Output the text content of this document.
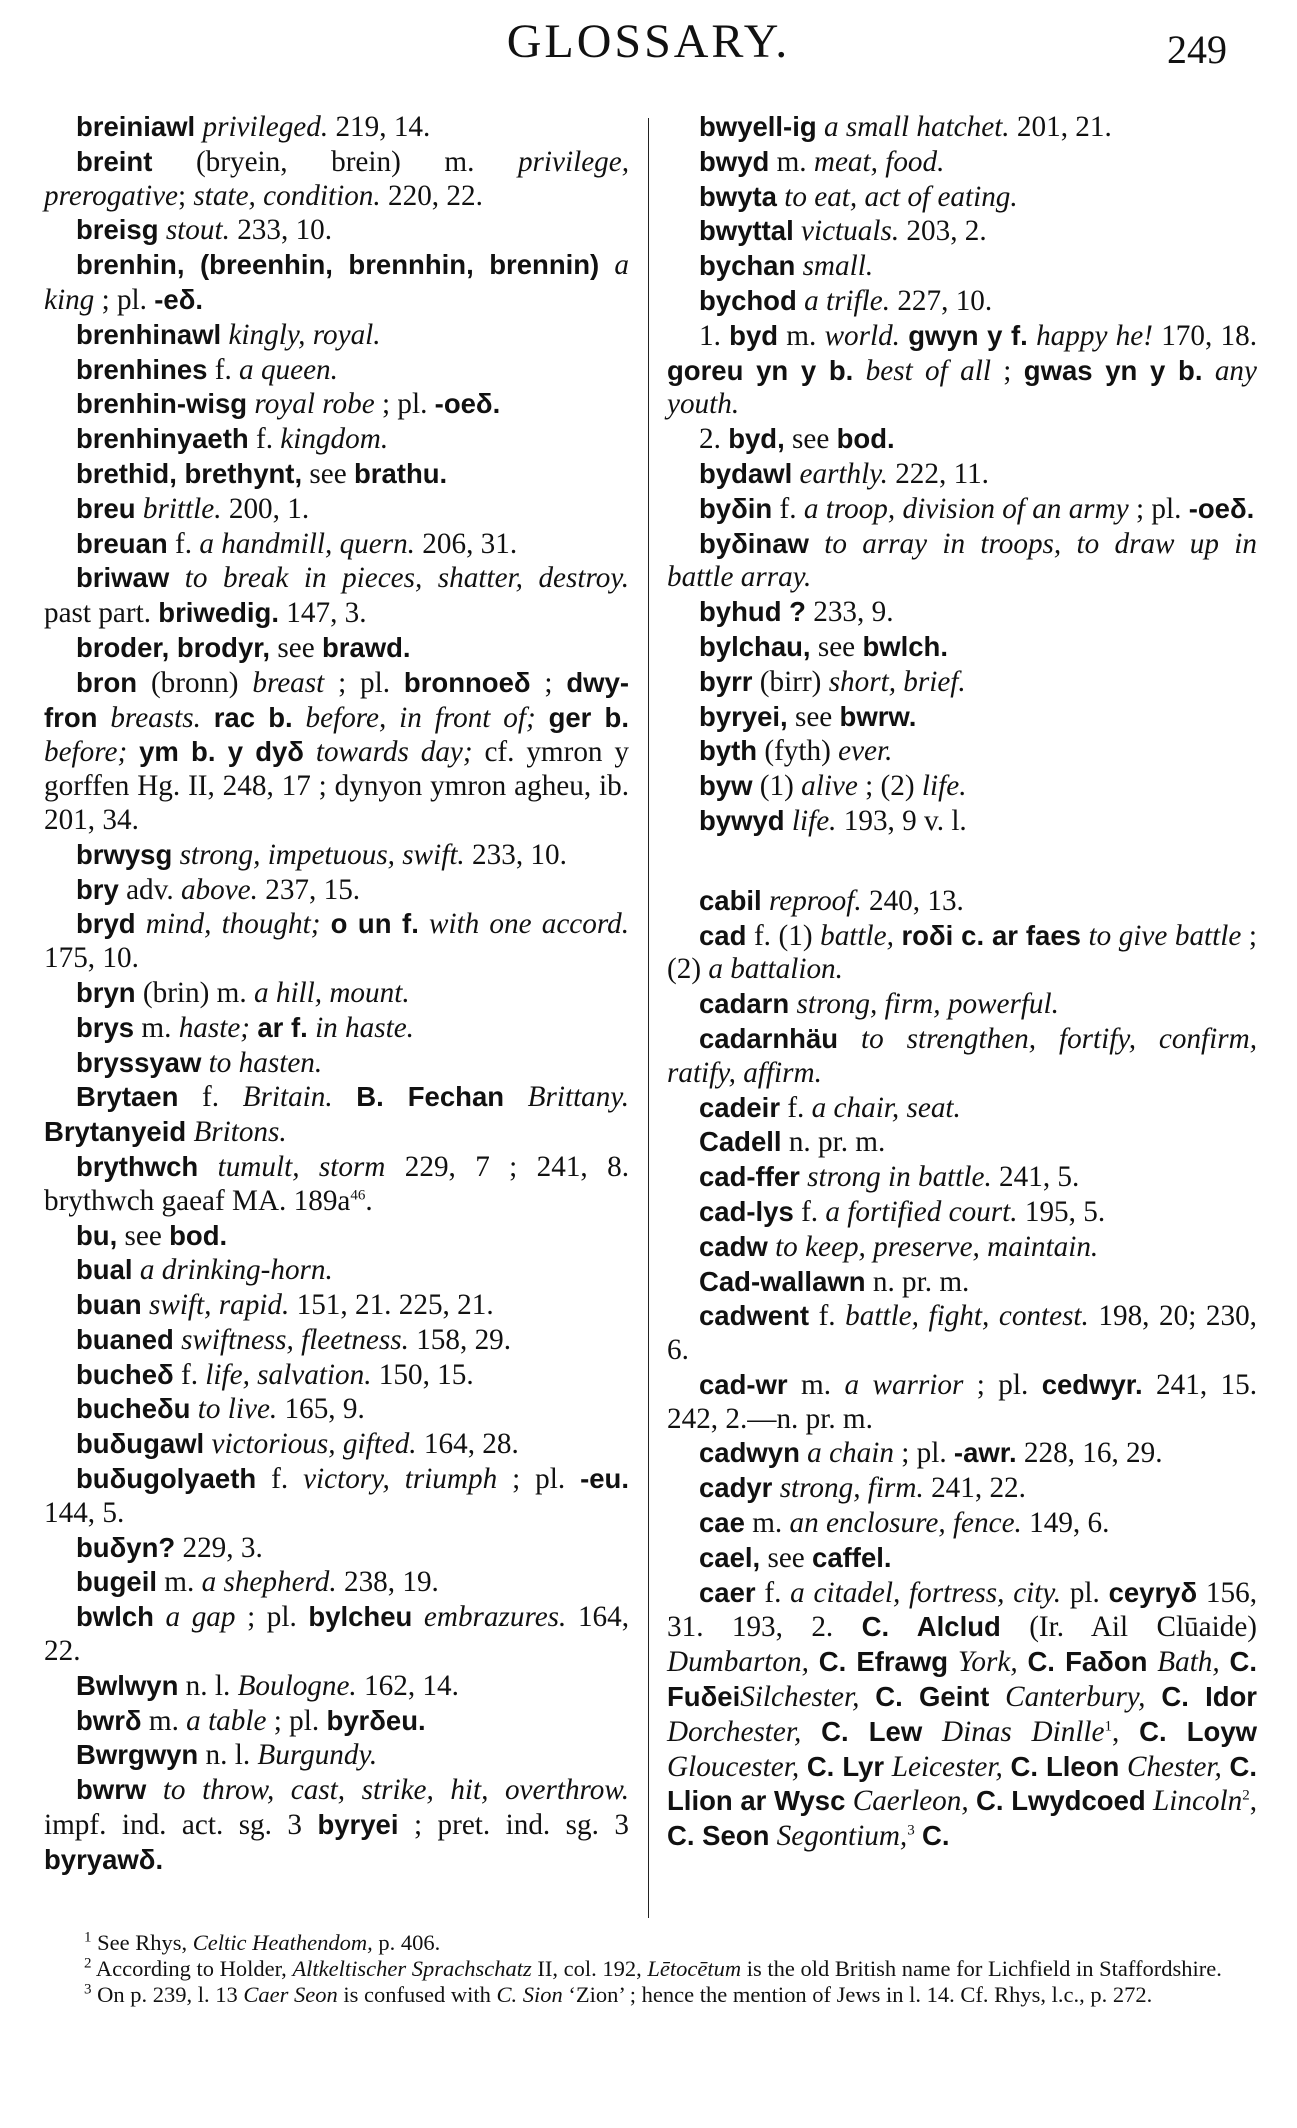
GLOSSARY.	249

breiniawl privileged. 219, 14.

breint (bryein, brein) m. privilege, prerogative; state, condition. 220, 22.

breisg stout. 233, 10.

brenhin, (breenhin, brennhin, brennin) a king ; pl. -eδ.

brenhinawl kingly, royal.

brenhines f. a queen.

brenhin-wisg royal robe ; pl. -oeδ.

brenhinyaeth f. kingdom.

brethid, brethynt, see brathu.

breu brittle. 200, 1.

breuan f. a handmill, quern. 206, 31.

briwaw to break in pieces, shatter, destroy. past part. briwedig. 147, 3.

broder, brodyr, see brawd.

bron (bronn) breast ; pl. bronnoeδ ; dwy-fron breasts. rac b. before, in front of; ger b. before; ym b. y dyδ towards day; cf. ymron y gorffen Hg. II, 248, 17 ; dynyon ymron agheu, ib. 201, 34.

brwysg strong, impetuous, swift. 233, 10.

bry adv. above. 237, 15.

bryd mind, thought; o un f. with one accord. 175, 10.

bryn (brin) m. a hill, mount.

brys m. haste; ar f. in haste.

bryssyaw to hasten.

Brytaen f. Britain. B. Fechan Brittany. Brytanyeid Britons.

brythwch tumult, storm 229, 7 ; 241, 8. brythwch gaeaf MA. $189a^{46}$.

bu, see bod.

bual a drinking-horn.

buan swift, rapid. 151, 21. 225, 21.

buaned swiftness, fleetness. 158, 29.

bucheδ f. life, salvation. 150, 15.

bucheδu to live. 165, 9.

buδugawl victorious, gifted. 164, 28.

buδugolyaeth f. victory, triumph ; pl. -eu. 144, 5.

buδyn? 229, 3.

bugeil m. a shepherd. 238, 19.

bwlch a gap ; pl. bylcheu embrazures. 164, 22.

Bwlwyn n. l. Boulogne. 162, 14.

bwrδ m. a table ; pl. byrδeu.

Bwrgwyn n. l. Burgundy.

bwrw to throw, cast, strike, hit, overthrow. impf. ind. act. sg. 3 byryei ; pret. ind. sg. 3 byryawδ.

bwyell-ig a small hatchet. 201, 21.

bwyd m. meat, food.

bwyta to eat, act of eating.

bwyttal victuals. 203, 2.

bychan small.

bychod a trifle. 227, 10.

1. byd m. world. gwyn y f. happy he! 170, 18. goreu yn y b. best of all ; gwas yn y b. any youth.

2. byd, see bod.

bydawl earthly. 222, 11.

byδin f. a troop, division of an army ; pl. -oeδ.

byδinaw to array in troops, to draw up in battle array.

byhud ? 233, 9.

bylchau, see bwlch.

byrr (birr) short, brief.

byryei, see bwrw.

byth (fyth) ever.

byw (1) alive ; (2) life.

bywyd life. 193, 9 v. l.

cabil reproof. 240, 13.

cad f. (1) battle, roδi c. ar faes to give battle ; (2) a battalion.

cadarn strong, firm, powerful.

cadarnhäu to strengthen, fortify, confirm, ratify, affirm.

cadeir f. a chair, seat.

Cadell n. pr. m.

cad-ffer strong in battle. 241, 5.

cad-lys f. a fortified court. 195, 5.

cadw to keep, preserve, maintain.

Cad-wallawn n. pr. m.

cadwent f. battle, fight, contest. 198, 20; 230, 6.

cad-wr m. a warrior ; pl. cedwyr. 241, 15. 242, 2.—n. pr. m.

cadwyn a chain ; pl. -awr. 228, 16, 29.

cadyr strong, firm. 241, 22.

cae m. an enclosure, fence. 149, 6.

cael, see caffel.

caer f. a citadel, fortress, city. pl. ceyryδ 156, 31. 193, 2. C. Alclud (Ir. Ail Clūaide) Dumbarton, C. Efrawg York, C. Faδon Bath, C. FuδeiSilchester, C. Geint Canterbury, C. Idor Dorchester, C. Lew Dinas Dinlle$^1$, C. Loyw Gloucester, C. Lyr Leicester, C. Lleon Chester, C. Llion ar Wysc Caerleon, C. Lwydcoed Lincoln$^2$, C. Seon Segontium,$^3$ C.

$^1$ See Rhys, Celtic Heathendom, p. 406.

$^2$ According to Holder, Altkeltischer Sprachschatz II, col. 192, Lētocētum is the old British name for Lichfield in Staffordshire.

$^3$ On p. 239, l. 13 Caer Seon is confused with C. Sion ‘Zion’ ; hence the mention of Jews in l. 14. Cf. Rhys, l.c., p. 272.
